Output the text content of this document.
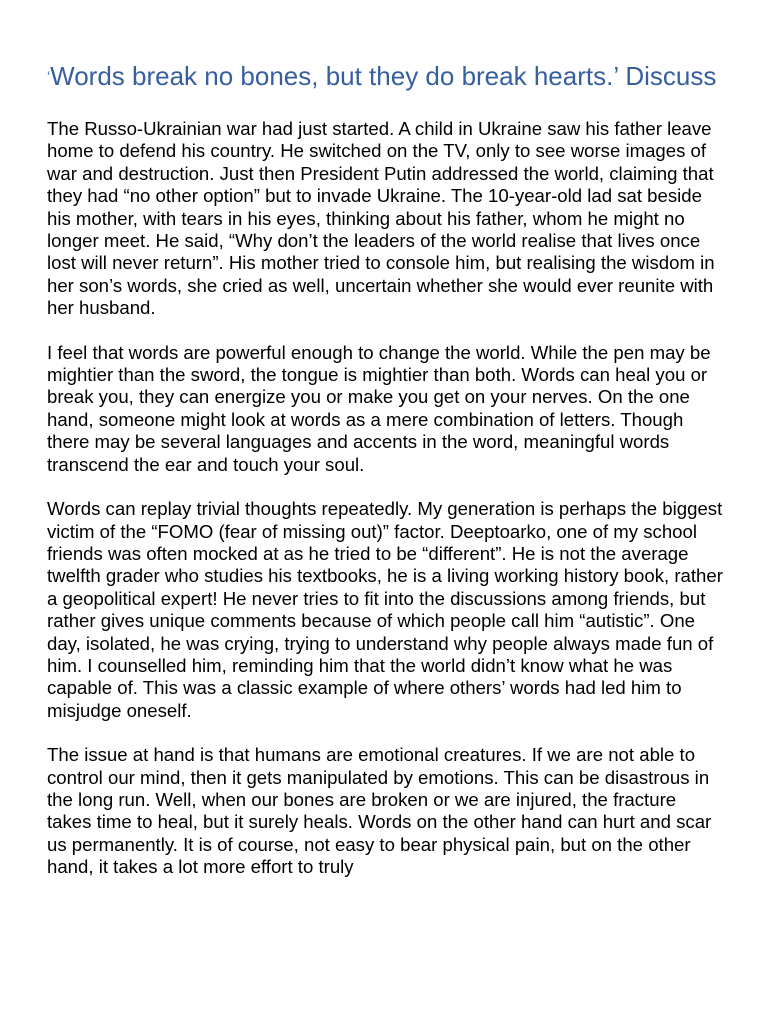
‘Words break no bones, but they do break hearts.’ Discuss

The Russo-Ukrainian war had just started. A child in Ukraine saw his father leave home to defend his country. He switched on the TV, only to see worse images of war and destruction. Just then President Putin addressed the world, claiming that they had “no other option” but to invade Ukraine. The 10-year-old lad sat beside his mother, with tears in his eyes, thinking about his father, whom he might no longer meet. He said, “Why don’t the leaders of the world realise that lives once lost will never return”. His mother tried to console him, but realising the wisdom in her son’s words, she cried as well, uncertain whether she would ever reunite with her husband.

I feel that words are powerful enough to change the world. While the pen may be mightier than the sword, the tongue is mightier than both. Words can heal you or break you, they can energize you or make you get on your nerves. On the one hand, someone might look at words as a mere combination of letters. Though there may be several languages and accents in the word, meaningful words transcend the ear and touch your soul.

Words can replay trivial thoughts repeatedly. My generation is perhaps the biggest victim of the “FOMO (fear of missing out)” factor. Deeptoarko, one of my school friends was often mocked at as he tried to be “different”. He is not the average twelfth grader who studies his textbooks, he is a living working history book, rather a geopolitical expert! He never tries to fit into the discussions among friends, but rather gives unique comments because of which people call him “autistic”. One day, isolated, he was crying, trying to understand why people always made fun of him. I counselled him, reminding him that the world didn’t know what he was capable of. This was a classic example of where others’ words had led him to misjudge oneself.

The issue at hand is that humans are emotional creatures. If we are not able to control our mind, then it gets manipulated by emotions. This can be disastrous in the long run. Well, when our bones are broken or we are injured, the fracture takes time to heal, but it surely heals. Words on the other hand can hurt and scar us permanently. It is of course, not easy to bear physical pain, but on the other hand, it takes a lot more effort to truly
